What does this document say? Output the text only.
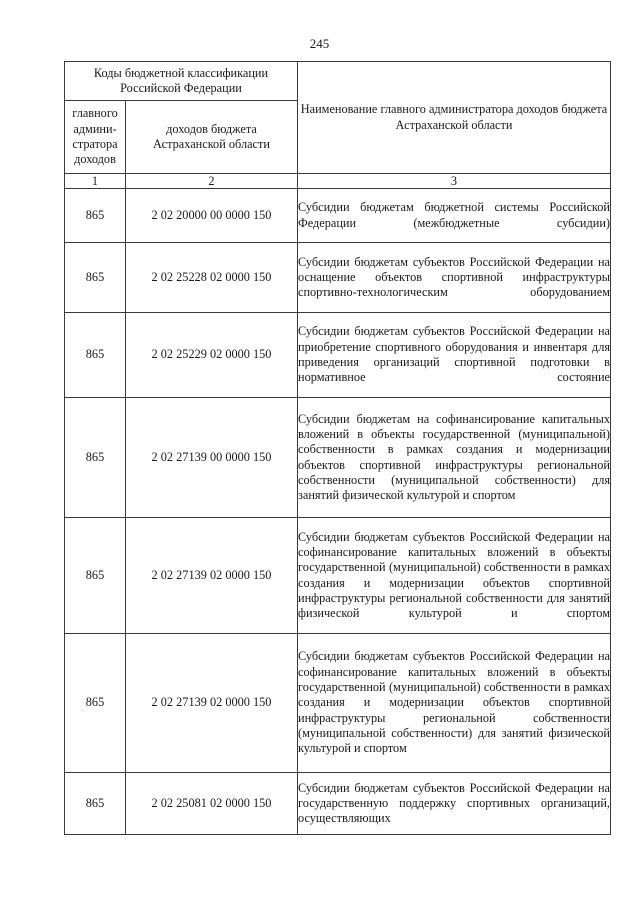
245
Коды бюджетной классификации Российской Федерации		Наименование главного администратора доходов бюджета Астраханской области
главного админи-стратора доходов	доходов бюджета Астраханской области	
1	2	3
865	2 02 20000 00 0000 150	Субсидии бюджетам бюджетной системы Российской Федерации (межбюджетные субсидии)
865	2 02 25228 02 0000 150	Субсидии бюджетам субъектов Российской Федерации на оснащение объектов спортивной инфраструктуры спортивно-технологическим оборудованием
865	2 02 25229 02 0000 150	Субсидии бюджетам субъектов Российской Федерации на приобретение спортивного оборудования и инвентаря для приведения организаций спортивной подготовки в нормативное состояние
865	2 02 27139 00 0000 150	Субсидии бюджетам на софинансирование капитальных вложений в объекты государственной (муниципальной) собственности в рамках создания и модернизации объектов спортивной инфраструктуры региональной собственности (муниципальной собственности) для занятий физической культурой и спортом
865	2 02 27139 02 0000 150	Субсидии бюджетам субъектов Российской Федерации на софинансирование капитальных вложений в объекты государственной (муниципальной) собственности в рамках создания и модернизации объектов спортивной инфраструктуры региональной собственности для занятий физической культурой и спортом
865	2 02 27139 02 0000 150	Субсидии бюджетам субъектов Российской Федерации на софинансирование капитальных вложений в объекты государственной (муниципальной) собственности в рамках создания и модернизации объектов спортивной инфраструктуры региональной собственности (муниципальной собственности) для занятий физической культурой и спортом
865	2 02 25081 02 0000 150	Субсидии бюджетам субъектов Российской Федерации на государственную поддержку спортивных организаций, осуществляющих
